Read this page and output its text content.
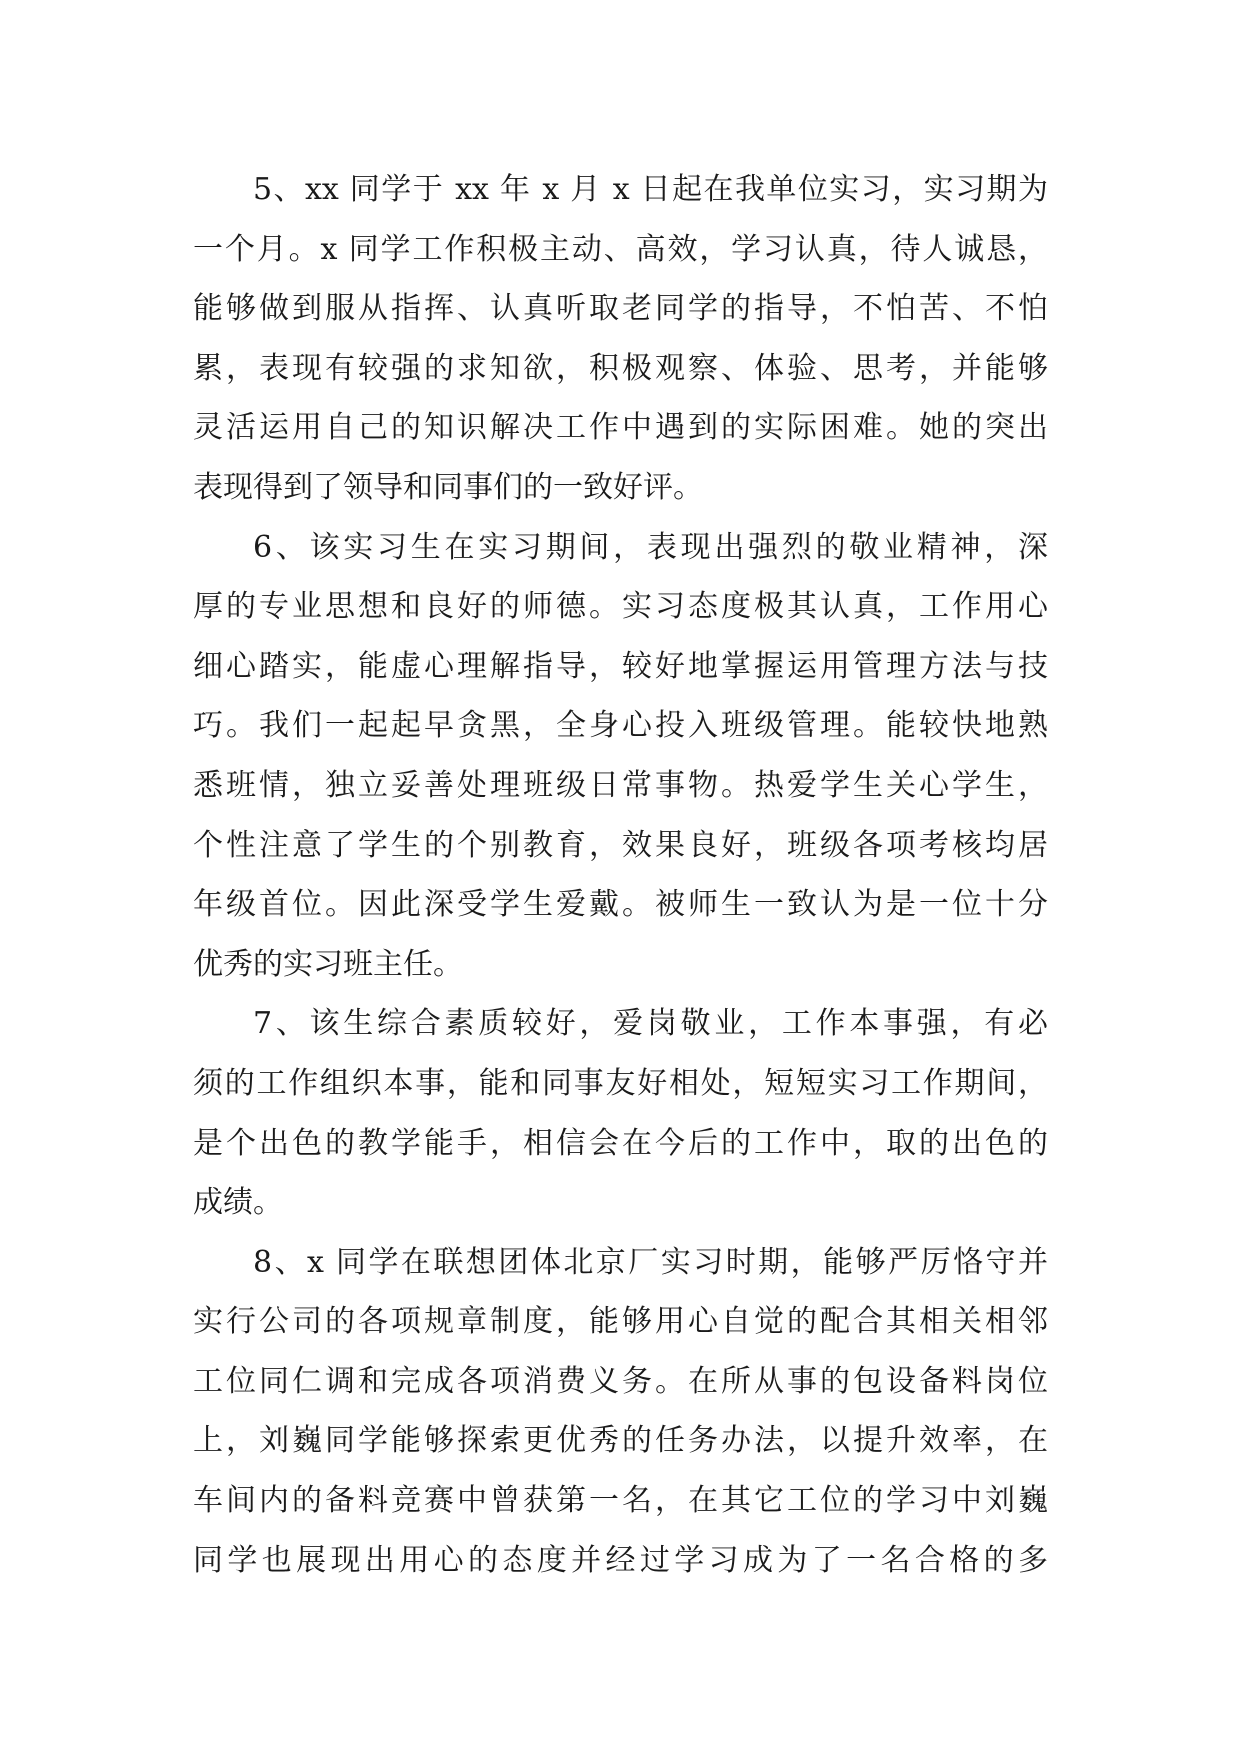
5、xx 同学于 xx 年 x 月 x 日起在我单位实习，实习期为
一个月。x 同学工作积极主动、高效，学习认真，待人诚恳，
能够做到服从指挥、认真听取老同学的指导，不怕苦、不怕
累，表现有较强的求知欲，积极观察、体验、思考，并能够
灵活运用自己的知识解决工作中遇到的实际困难。她的突出
表现得到了领导和同事们的一致好评。
6、该实习生在实习期间，表现出强烈的敬业精神，深
厚的专业思想和良好的师德。实习态度极其认真，工作用心
细心踏实，能虚心理解指导，较好地掌握运用管理方法与技
巧。我们一起起早贪黑，全身心投入班级管理。能较快地熟
悉班情，独立妥善处理班级日常事物。热爱学生关心学生，
个性注意了学生的个别教育，效果良好，班级各项考核均居
年级首位。因此深受学生爱戴。被师生一致认为是一位十分
优秀的实习班主任。
7、该生综合素质较好，爱岗敬业，工作本事强，有必
须的工作组织本事，能和同事友好相处，短短实习工作期间，
是个出色的教学能手，相信会在今后的工作中，取的出色的
成绩。
8、x 同学在联想团体北京厂实习时期，能够严厉恪守并
实行公司的各项规章制度，能够用心自觉的配合其相关相邻
工位同仁调和完成各项消费义务。在所从事的包设备料岗位
上，刘巍同学能够探索更优秀的任务办法，以提升效率，在
车间内的备料竞赛中曾获第一名，在其它工位的学习中刘巍
同学也展现出用心的态度并经过学习成为了一名合格的多
